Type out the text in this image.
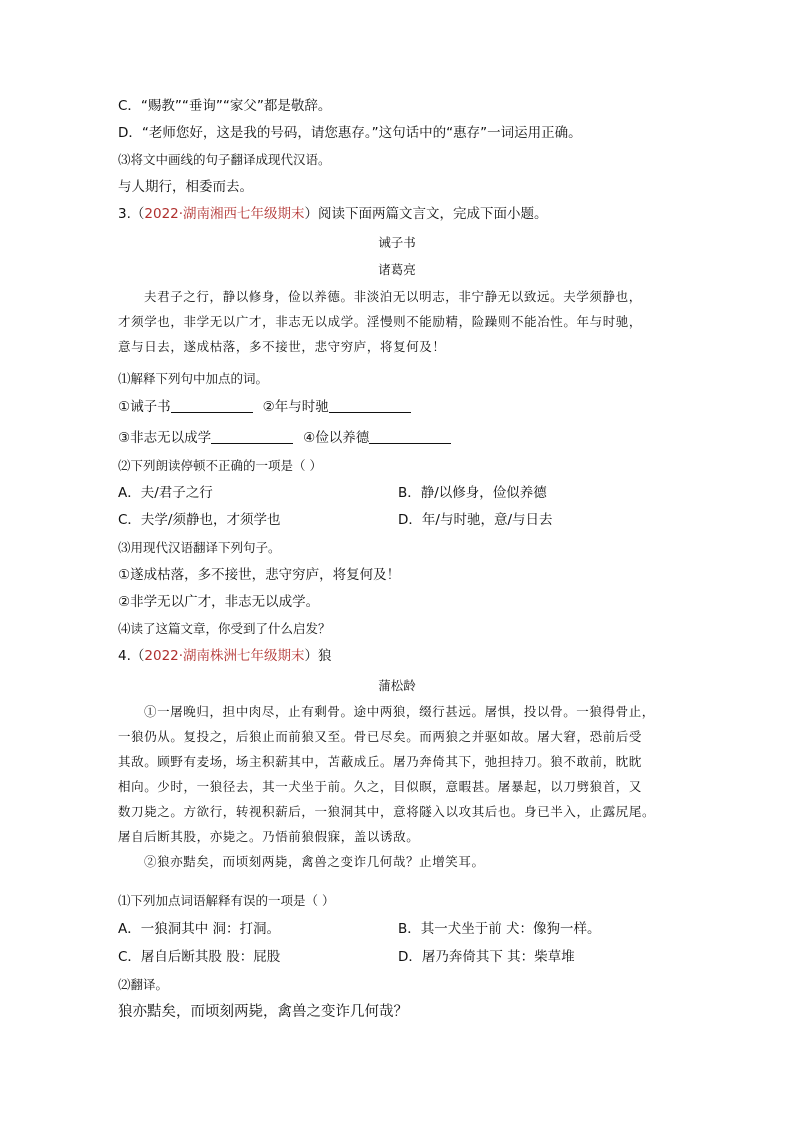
C．“赐教”“垂询”“家父”都是敬辞。
D．“老师您好，这是我的号码，请您惠存。”这句话中的“惠存”一词运用正确。
⑶将文中画线的句子翻译成现代汉语。
与人期行，相委而去。
3.（2022·湖南湘西七年级期末）阅读下面两篇文言文，完成下面小题。
诫子书
诸葛亮

夫君子之行，静以修身，俭以养德。非淡泊无以明志，非宁静无以致远。夫学须静也，

才须学也，非学无以广才，非志无以成学。淫慢则不能励精，险躁则不能冶性。年与时驰，

意与日去，遂成枯落，多不接世，悲守穷庐，将复何及！

⑴解释下列句中加点的词。
①诫子书	②年与时驰
③非志无以成学	④俭以养德
⑵下列朗读停顿不正确的一项是（ ）
A．夫/君子之行	B．静/以修身，俭似养德
C．夫学/须静也，才须学也	D．年/与时驰，意/与日去
⑶用现代汉语翻译下列句子。
①遂成枯落，多不接世，悲守穷庐，将复何及！
②非学无以广才，非志无以成学。
⑷读了这篇文章，你受到了什么启发？
4.（2022·湖南株洲七年级期末）狼
蒲松龄

①一屠晚归，担中肉尽，止有剩骨。途中两狼，缀行甚远。屠惧，投以骨。一狼得骨止，

一狼仍从。复投之，后狼止而前狼又至。骨已尽矣。而两狼之并驱如故。屠大窘，恐前后受

其敌。顾野有麦场，场主积薪其中，苫蔽成丘。屠乃奔倚其下，弛担持刀。狼不敢前，眈眈

相向。少时，一狼径去，其一犬坐于前。久之，目似瞑，意暇甚。屠暴起，以刀劈狼首，又

数刀毙之。方欲行，转视积薪后，一狼洞其中，意将隧入以攻其后也。身已半入，止露尻尾。

屠自后断其股，亦毙之。乃悟前狼假寐，盖以诱敌。

②狼亦黠矣，而顷刻两毙，禽兽之变诈几何哉？止增笑耳。

⑴下列加点词语解释有误的一项是（ ）
A．一狼洞其中 洞：打洞。	B．其一犬坐于前 犬：像狗一样。
C．屠自后断其股 股：屁股	D．屠乃奔倚其下 其：柴草堆
⑵翻译。
狼亦黠矣，而顷刻两毙，禽兽之变诈几何哉？
